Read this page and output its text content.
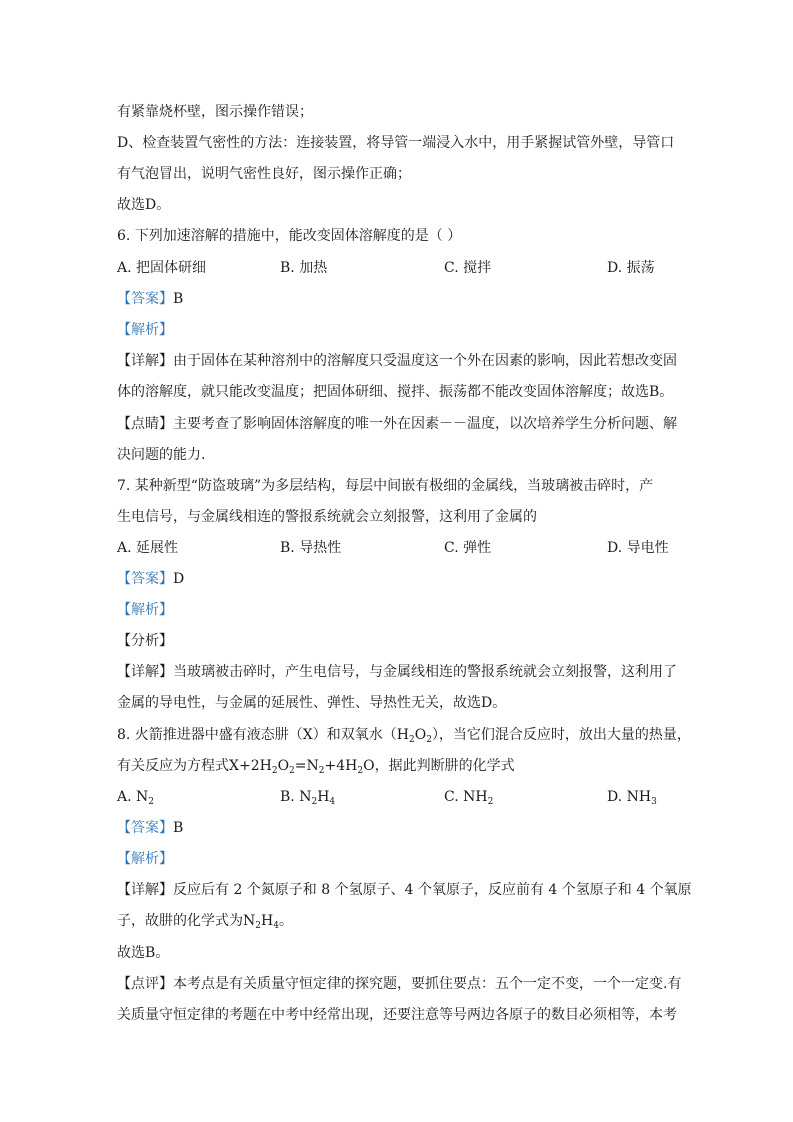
有紧靠烧杯壁，图示操作错误；
D、检查装置气密性的方法：连接装置，将导管一端浸入水中，用手紧握试管外壁，导管口
有气泡冒出，说明气密性良好，图示操作正确；
故选D。
6. 下列加速溶解的措施中，能改变固体溶解度的是（ ）
A. 把固体研细	B. 加热	C. 搅拌	D. 振荡
【答案】B
【解析】
【详解】由于固体在某种溶剂中的溶解度只受温度这一个外在因素的影响，因此若想改变固
体的溶解度，就只能改变温度；把固体研细、搅拌、振荡都不能改变固体溶解度；故选B。
【点睛】主要考查了影响固体溶解度的唯一外在因素－－温度，以次培养学生分析问题、解
决问题的能力.
7. 某种新型“防盗玻璃”为多层结构，每层中间嵌有极细的金属线，当玻璃被击碎时，产
生电信号，与金属线相连的警报系统就会立刻报警，这利用了金属的
A. 延展性	B. 导热性	C. 弹性	D. 导电性
【答案】D
【解析】
【分析】
【详解】当玻璃被击碎时，产生电信号，与金属线相连的警报系统就会立刻报警，这利用了
金属的导电性，与金属的延展性、弹性、导热性无关，故选D。
8. 火箭推进器中盛有液态肼（X）和双氧水$(H_2O_2)$，当它们混合反应时，放出大量的热量，
有关反应为方程式$X+2H_2O_2=N_2+4H_2O$，据此判断肼的化学式
A. $N_2$	B. $N_2H_4$	C. $NH_2$	D. $NH_3$
【答案】B
【解析】
【详解】反应后有 2 个氮原子和 8 个氢原子、4 个氧原子，反应前有 4 个氢原子和 4 个氧原
子，故肼的化学式为$N_2H_4$。
故选B。
【点评】本考点是有关质量守恒定律的探究题，要抓住要点：五个一定不变，一个一定变.有
关质量守恒定律的考题在中考中经常出现，还要注意等号两边各原子的数目必须相等，本考
